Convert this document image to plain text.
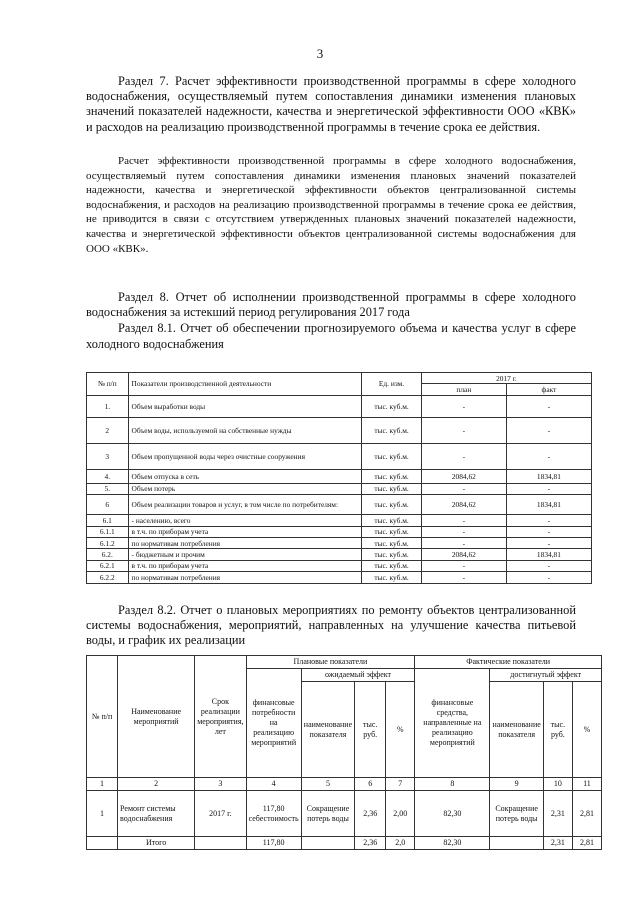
3

Раздел 7. Расчет эффективности производственной программы в сфере холодного водоснабжения, осуществляемый путем сопоставления динамики изменения плановых значений показателей надежности, качества и энергетической эффективности ООО «КВК» и расходов на реализацию производственной программы в течение срока ее действия.

Расчет эффективности производственной программы в сфере холодного водоснабжения, осуществляемый путем сопоставления динамики изменения плановых значений показателей надежности, качества и энергетической эффективности объектов централизованной системы водоснабжения, и расходов на реализацию производственной программы в течение срока ее действия, не приводится в связи с отсутствием утвержденных плановых значений показателей надежности, качества и энергетической эффективности объектов централизованной системы водоснабжения для ООО «КВК».

Раздел 8. Отчет об исполнении производственной программы в сфере холодного водоснабжения за истекший период регулирования 2017 года

Раздел 8.1. Отчет об обеспечении прогнозируемого объема и качества услуг в сфере холодного водоснабжения

№ п/п	Показатели производственной деятельности	Ед. изм.	2017 г.	
			план	факт
1.	Объем выработки воды	тыс. куб.м.	-	-
2	Объем воды, используемой на собственные нужды	тыс. куб.м.	-	-
3	Объем пропущенной воды через очистные сооружения	тыс. куб.м.	-	-
4.	Объем отпуска в сеть	тыс. куб.м.	2084,62	1834,81
5.	Объем потерь	тыс. куб.м.	-	-
6	Объем реализации товаров и услуг, в том числе по потребителям:	тыс. куб.м.	2084,62	1834,81
6.1	- населению, всего	тыс. куб.м.	-	-
6.1.1	в т.ч. по приборам учета	тыс. куб.м.	-	-
6.1.2	по нормативам потребления	тыс. куб.м.	-	-
6.2.	- бюджетным и прочим	тыс. куб.м.	2084,62	1834,81
6.2.1	в т.ч. по приборам учета	тыс. куб.м.	-	-
6.2.2	по нормативам потребления	тыс. куб.м.	-	-

Раздел 8.2. Отчет о плановых мероприятиях по ремонту объектов централизованной системы водоснабжения, мероприятий, направленных на улучшение качества питьевой воды, и график их реализации

№ п/п	Наименование мероприятий	Срок реализации мероприятия, лет	Плановые показатели				Фактические показатели			
			финансовые потребности на реализацию мероприятий	ожидаемый эффект			финансовые средства, направленные на реализацию мероприятий	достигнутый эффект		
				наименование показателя	тыс. руб.	%		наименование показателя	тыс. руб.	%
1	2	3	4	5	6	7	8	9	10	11
1	Ремонт системы водоснабжения	2017 г.	117,80 себестоимость	Сокращение потерь воды	2,36	2,00	82,30	Сокращение потерь воды	2,31	2,81
	Итого		117,80		2,36	2,0	82,30		2,31	2,81
